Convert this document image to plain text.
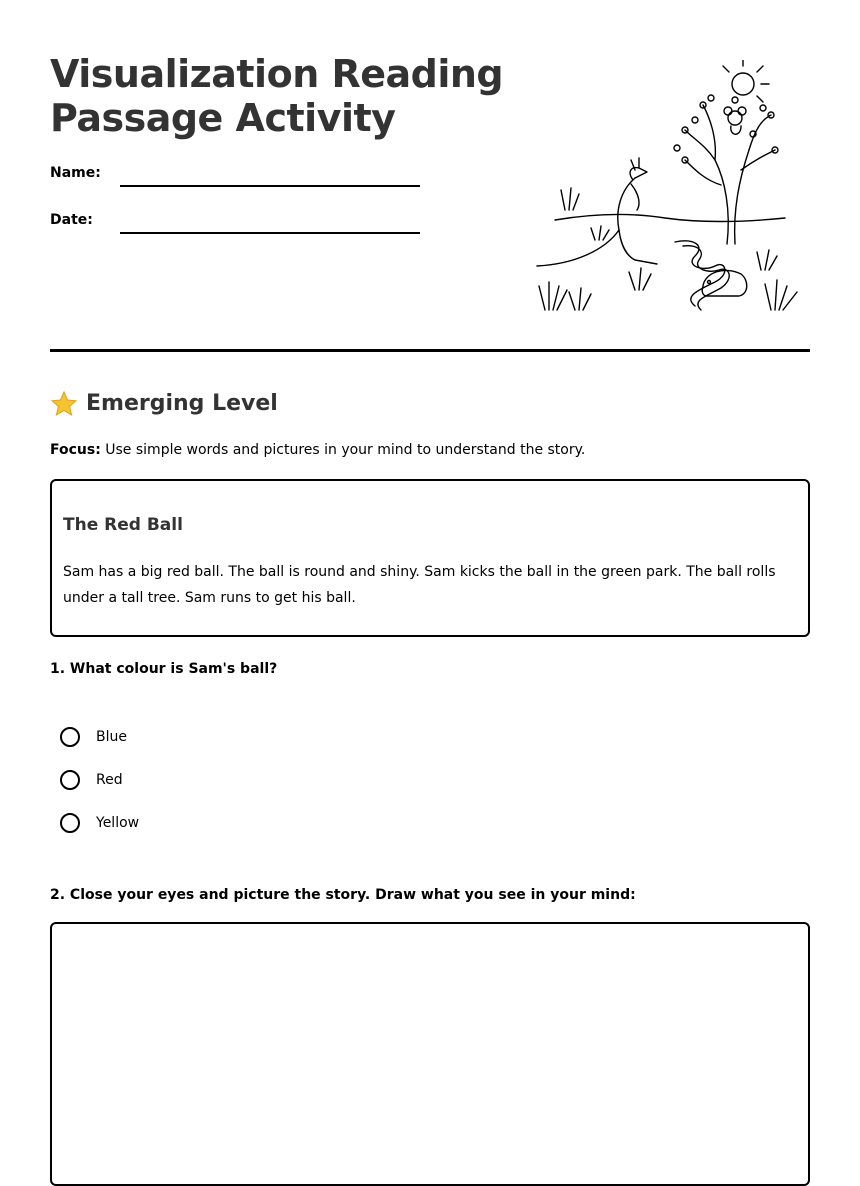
Visualization Reading Passage Activity
Name:
Date:
Emerging Level

Focus: Use simple words and pictures in your mind to understand the story.

The Red Ball

Sam has a big red ball. The ball is round and shiny. Sam kicks the ball in the green park. The ball rolls under a tall tree. Sam runs to get his ball.

1. What colour is Sam's ball?

Blue
Red
Yellow

2. Close your eyes and picture the story. Draw what you see in your mind:
